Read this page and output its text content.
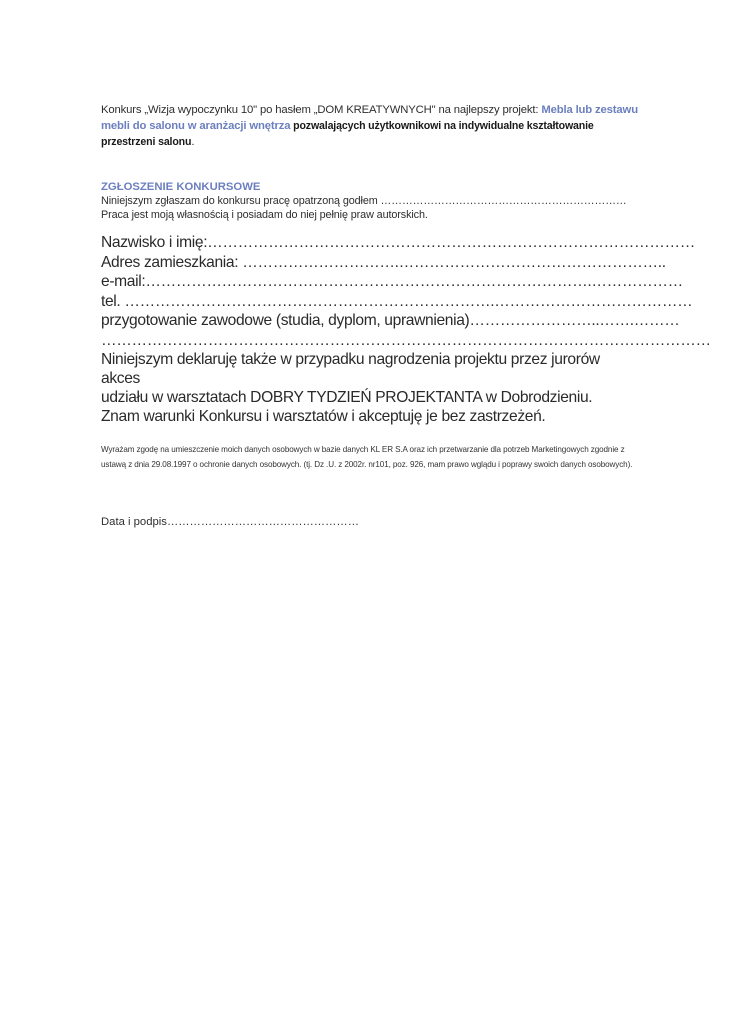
Konkurs „Wizja wypoczynku 10" po hasłem „DOM KREATYWNYCH" na najlepszy projekt: Mebla lub zestawu mebli do salonu w aranżacji wnętrza pozwalających użytkownikowi na indywidualne kształtowanie przestrzeni salonu.
ZGŁOSZENIE KONKURSOWE
Niniejszym zgłaszam do konkursu pracę opatrzoną godłem ……………………………………………………………
Praca jest moją własnością i posiadam do niej pełnię praw autorskich.
Nazwisko i imię:……………………………………………………………………………………
Adres zamieszkania: ………………………….……………………………………………..
e-mail:…………………………………………………………………………….………………
tel. ……………………………………………………………….…………………………………
przygotowanie zawodowe (studia, dyplom, uprawnienia)……………………..…….………
…………………………………………………………………………………………………………
Niniejszym deklaruję także w przypadku nagrodzenia projektu przez jurorów akces
udziału w warsztatach DOBRY TYDZIEŃ PROJEKTANTA w Dobrodzieniu.
Znam warunki Konkursu i warsztatów i akceptuję je bez zastrzeżeń.
Wyrażam zgodę na umieszczenie moich danych osobowych w bazie danych KL ER S.A oraz ich przetwarzanie dla potrzeb Marketingowych zgodnie z
ustawą z dnia 29.08.1997 o ochronie danych osobowych. (tj. Dz .U. z 2002r. nr101, poz. 926, mam prawo wglądu i poprawy swoich danych osobowych).
Data i podpis……………………………………………
